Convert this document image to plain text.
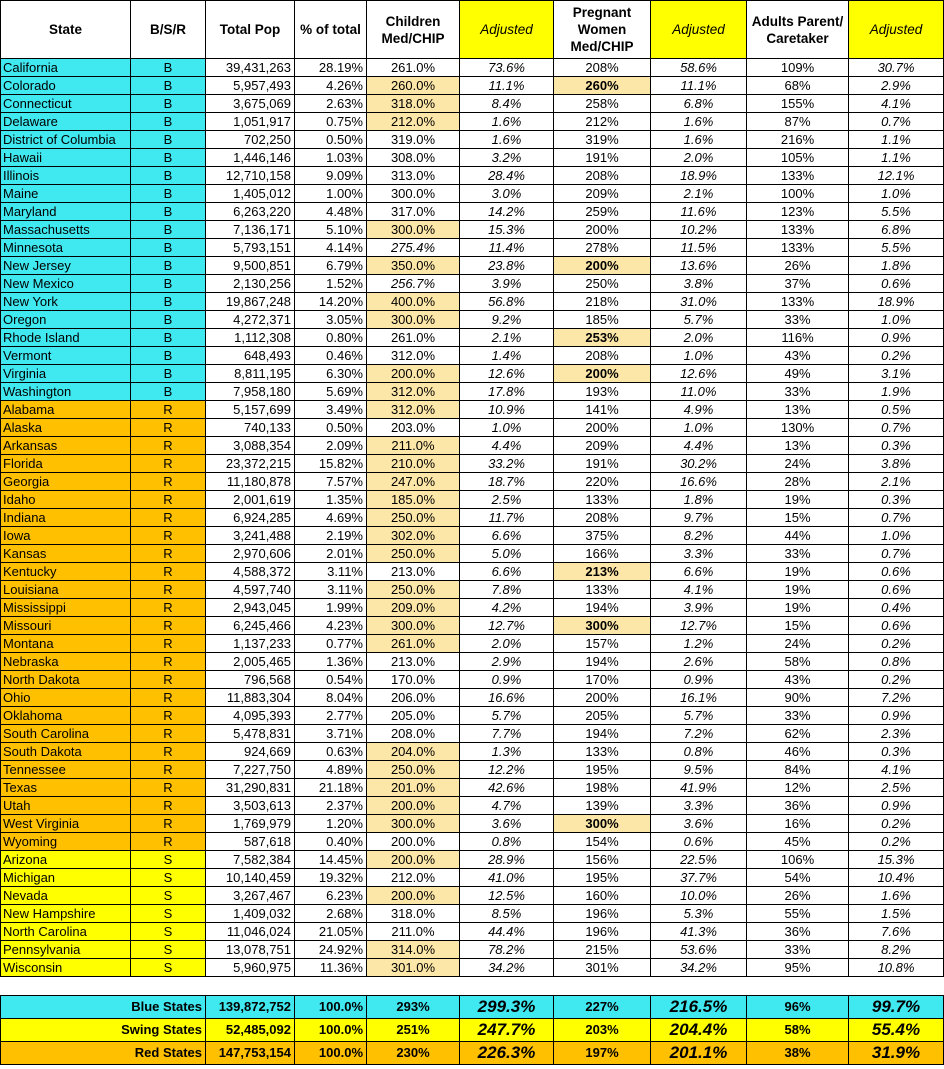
State	B/S/R	Total Pop	% of total	Children Med/CHIP	Adjusted	Pregnant Women Med/CHIP	Adjusted	Adults Parent/ Caretaker	Adjusted
California	B	39,431,263	28.19%	261.0%	73.6%	208%	58.6%	109%	30.7%
Colorado	B	5,957,493	4.26%	260.0%	11.1%	260%	11.1%	68%	2.9%
Connecticut	B	3,675,069	2.63%	318.0%	8.4%	258%	6.8%	155%	4.1%
Delaware	B	1,051,917	0.75%	212.0%	1.6%	212%	1.6%	87%	0.7%
District of Columbia	B	702,250	0.50%	319.0%	1.6%	319%	1.6%	216%	1.1%
Hawaii	B	1,446,146	1.03%	308.0%	3.2%	191%	2.0%	105%	1.1%
Illinois	B	12,710,158	9.09%	313.0%	28.4%	208%	18.9%	133%	12.1%
Maine	B	1,405,012	1.00%	300.0%	3.0%	209%	2.1%	100%	1.0%
Maryland	B	6,263,220	4.48%	317.0%	14.2%	259%	11.6%	123%	5.5%
Massachusetts	B	7,136,171	5.10%	300.0%	15.3%	200%	10.2%	133%	6.8%
Minnesota	B	5,793,151	4.14%	275.4%	11.4%	278%	11.5%	133%	5.5%
New Jersey	B	9,500,851	6.79%	350.0%	23.8%	200%	13.6%	26%	1.8%
New Mexico	B	2,130,256	1.52%	256.7%	3.9%	250%	3.8%	37%	0.6%
New York	B	19,867,248	14.20%	400.0%	56.8%	218%	31.0%	133%	18.9%
Oregon	B	4,272,371	3.05%	300.0%	9.2%	185%	5.7%	33%	1.0%
Rhode Island	B	1,112,308	0.80%	261.0%	2.1%	253%	2.0%	116%	0.9%
Vermont	B	648,493	0.46%	312.0%	1.4%	208%	1.0%	43%	0.2%
Virginia	B	8,811,195	6.30%	200.0%	12.6%	200%	12.6%	49%	3.1%
Washington	B	7,958,180	5.69%	312.0%	17.8%	193%	11.0%	33%	1.9%
Alabama	R	5,157,699	3.49%	312.0%	10.9%	141%	4.9%	13%	0.5%
Alaska	R	740,133	0.50%	203.0%	1.0%	200%	1.0%	130%	0.7%
Arkansas	R	3,088,354	2.09%	211.0%	4.4%	209%	4.4%	13%	0.3%
Florida	R	23,372,215	15.82%	210.0%	33.2%	191%	30.2%	24%	3.8%
Georgia	R	11,180,878	7.57%	247.0%	18.7%	220%	16.6%	28%	2.1%
Idaho	R	2,001,619	1.35%	185.0%	2.5%	133%	1.8%	19%	0.3%
Indiana	R	6,924,285	4.69%	250.0%	11.7%	208%	9.7%	15%	0.7%
Iowa	R	3,241,488	2.19%	302.0%	6.6%	375%	8.2%	44%	1.0%
Kansas	R	2,970,606	2.01%	250.0%	5.0%	166%	3.3%	33%	0.7%
Kentucky	R	4,588,372	3.11%	213.0%	6.6%	213%	6.6%	19%	0.6%
Louisiana	R	4,597,740	3.11%	250.0%	7.8%	133%	4.1%	19%	0.6%
Mississippi	R	2,943,045	1.99%	209.0%	4.2%	194%	3.9%	19%	0.4%
Missouri	R	6,245,466	4.23%	300.0%	12.7%	300%	12.7%	15%	0.6%
Montana	R	1,137,233	0.77%	261.0%	2.0%	157%	1.2%	24%	0.2%
Nebraska	R	2,005,465	1.36%	213.0%	2.9%	194%	2.6%	58%	0.8%
North Dakota	R	796,568	0.54%	170.0%	0.9%	170%	0.9%	43%	0.2%
Ohio	R	11,883,304	8.04%	206.0%	16.6%	200%	16.1%	90%	7.2%
Oklahoma	R	4,095,393	2.77%	205.0%	5.7%	205%	5.7%	33%	0.9%
South Carolina	R	5,478,831	3.71%	208.0%	7.7%	194%	7.2%	62%	2.3%
South Dakota	R	924,669	0.63%	204.0%	1.3%	133%	0.8%	46%	0.3%
Tennessee	R	7,227,750	4.89%	250.0%	12.2%	195%	9.5%	84%	4.1%
Texas	R	31,290,831	21.18%	201.0%	42.6%	198%	41.9%	12%	2.5%
Utah	R	3,503,613	2.37%	200.0%	4.7%	139%	3.3%	36%	0.9%
West Virginia	R	1,769,979	1.20%	300.0%	3.6%	300%	3.6%	16%	0.2%
Wyoming	R	587,618	0.40%	200.0%	0.8%	154%	0.6%	45%	0.2%
Arizona	S	7,582,384	14.45%	200.0%	28.9%	156%	22.5%	106%	15.3%
Michigan	S	10,140,459	19.32%	212.0%	41.0%	195%	37.7%	54%	10.4%
Nevada	S	3,267,467	6.23%	200.0%	12.5%	160%	10.0%	26%	1.6%
New Hampshire	S	1,409,032	2.68%	318.0%	8.5%	196%	5.3%	55%	1.5%
North Carolina	S	11,046,024	21.05%	211.0%	44.4%	196%	41.3%	36%	7.6%
Pennsylvania	S	13,078,751	24.92%	314.0%	78.2%	215%	53.6%	33%	8.2%
Wisconsin	S	5,960,975	11.36%	301.0%	34.2%	301%	34.2%	95%	10.8%
Blue States	139,872,752	100.0%	293%	299.3%	227%	216.5%	96%	99.7%
Swing States	52,485,092	100.0%	251%	247.7%	203%	204.4%	58%	55.4%
Red States	147,753,154	100.0%	230%	226.3%	197%	201.1%	38%	31.9%
